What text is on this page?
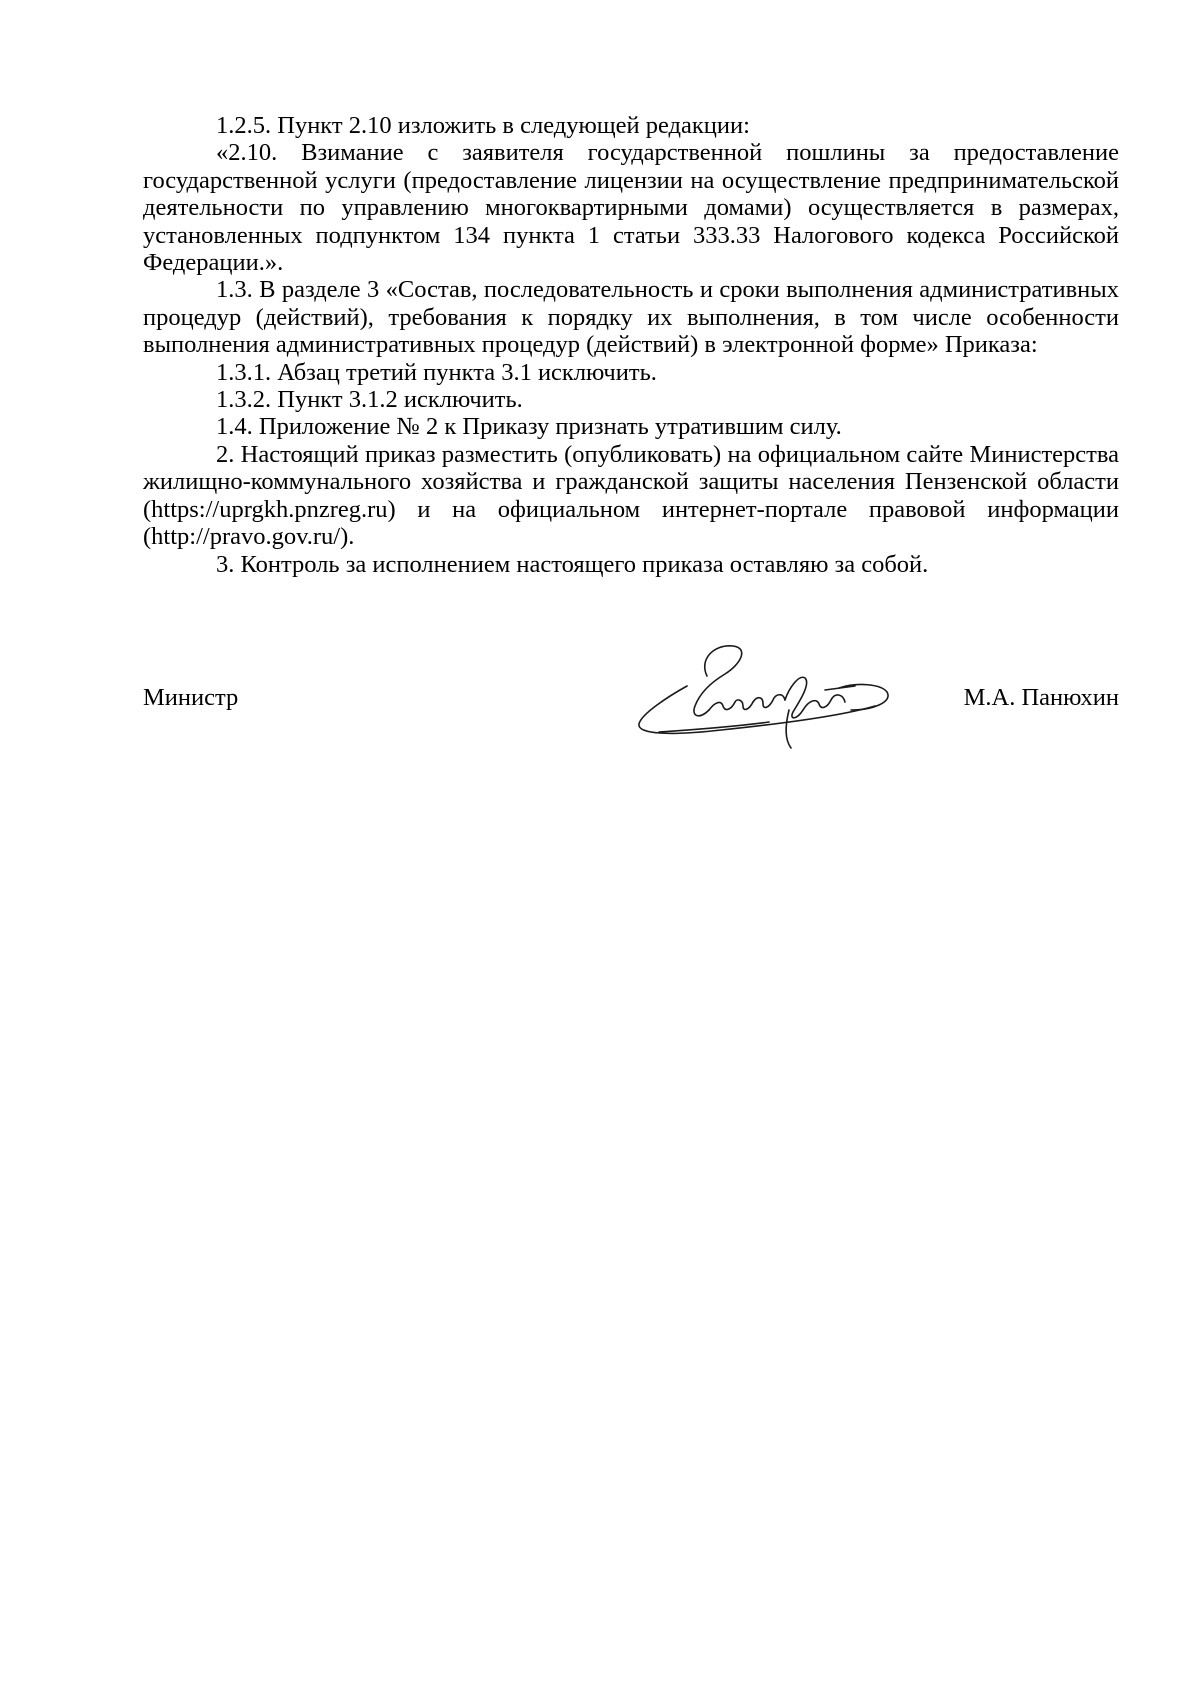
1.2.5. Пункт 2.10 изложить в следующей редакции:

«2.10. Взимание с заявителя государственной пошлины за предоставление государственной услуги (предоставление лицензии на осуществление предпринимательской деятельности по управлению многоквартирными домами) осуществляется в размерах, установленных подпунктом 134 пункта 1 статьи 333.33 Налогового кодекса Российской Федерации.».

1.3. В разделе 3 «Состав, последовательность и сроки выполнения административных процедур (действий), требования к порядку их выполнения, в том числе особенности выполнения административных процедур (действий) в электронной форме» Приказа:

1.3.1. Абзац третий пункта 3.1 исключить.

1.3.2. Пункт 3.1.2 исключить.

1.4. Приложение № 2 к Приказу признать утратившим силу.

2. Настоящий приказ разместить (опубликовать) на официальном сайте Министерства жилищно-коммунального хозяйства и гражданской защиты населения Пензенской области (https://uprgkh.pnzreg.ru) и на официальном интернет-портале правовой информации (http://pravo.gov.ru/).

3. Контроль за исполнением настоящего приказа оставляю за собой.

Министр	М.А. Панюхин
